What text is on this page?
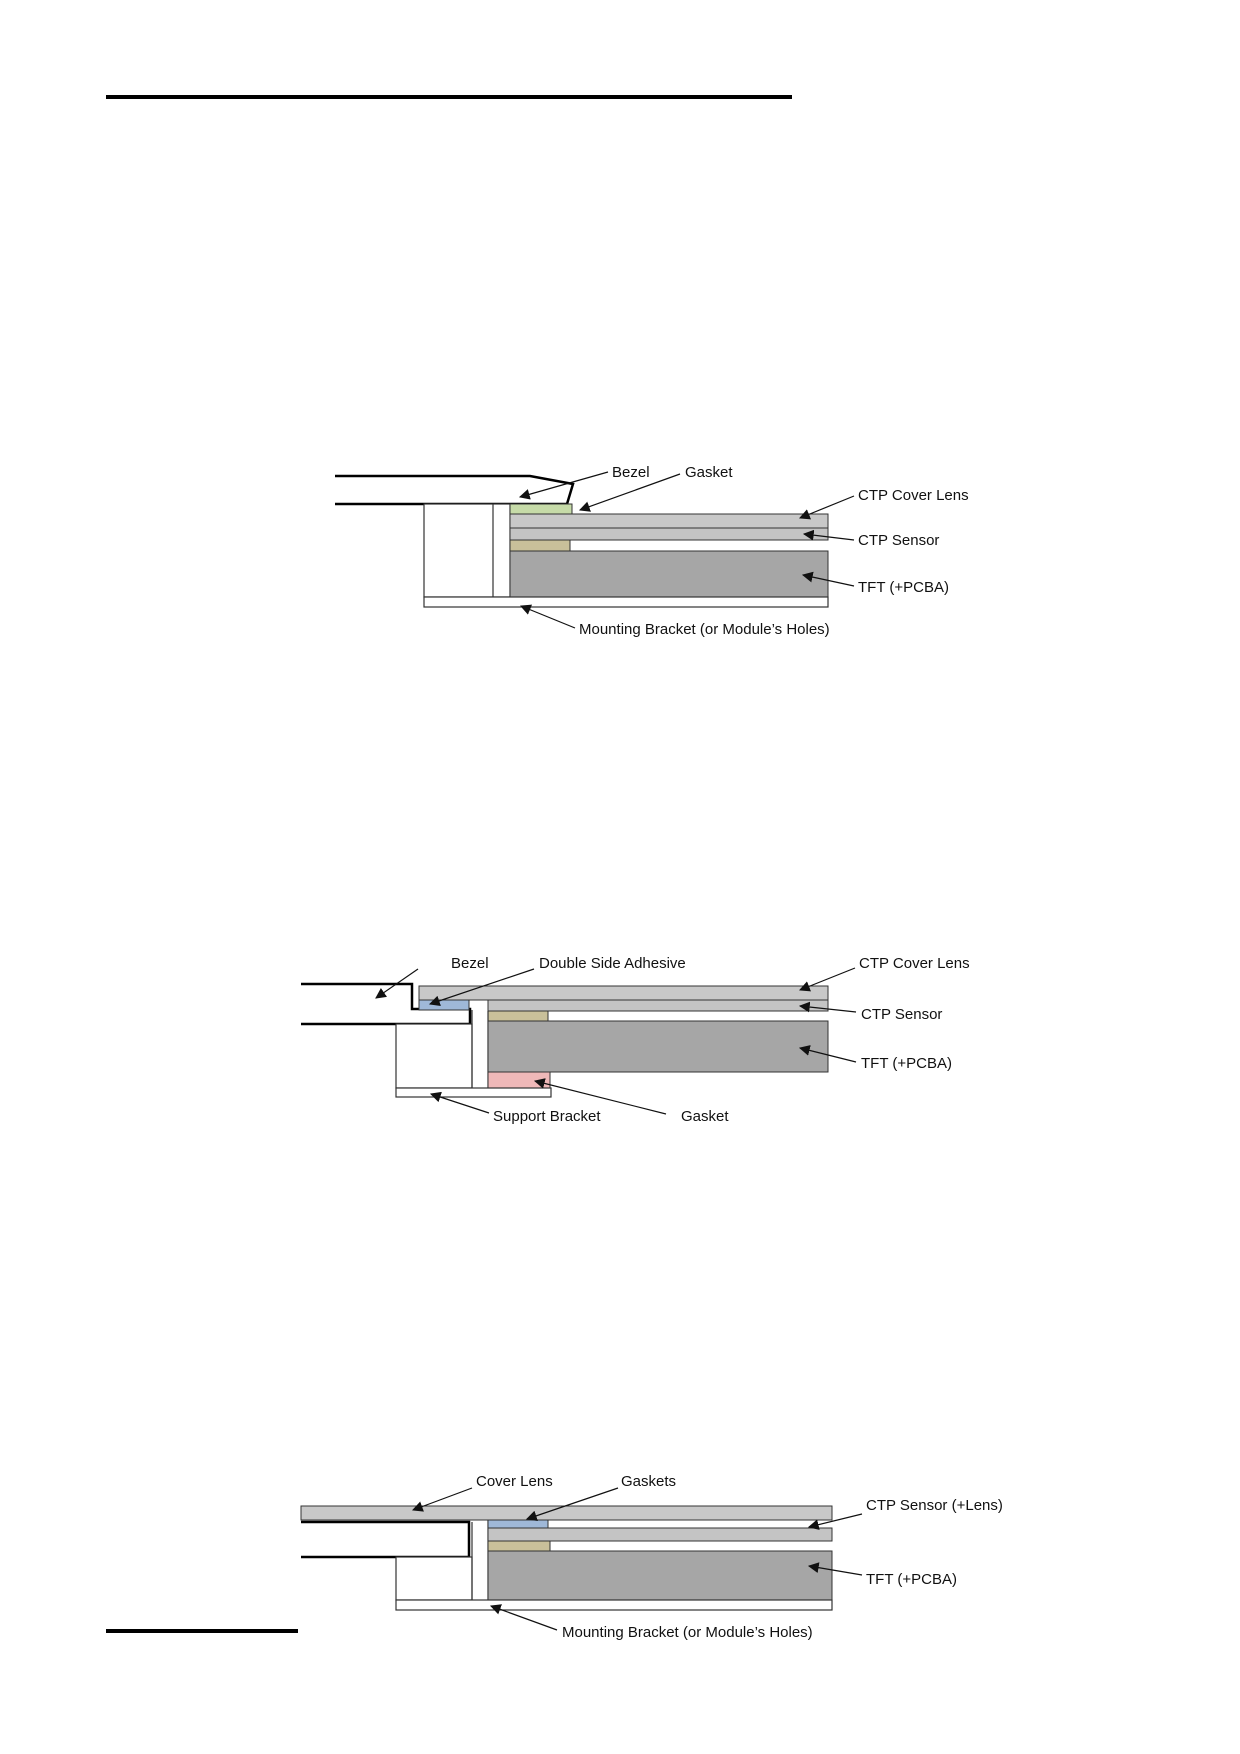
Bezel Gasket
CTP Cover Lens
CTP Sensor
TFT (+PCBA)
Mounting Bracket (or Module’s Holes)
Bezel	Double Side Adhesive	CTP Cover Lens
CTP Sensor
TFT (+PCBA)
Support Bracket	Gasket
Cover Lens	Gaskets
CTP Sensor (+Lens)
TFT (+PCBA)
Mounting Bracket (or Module’s Holes)
